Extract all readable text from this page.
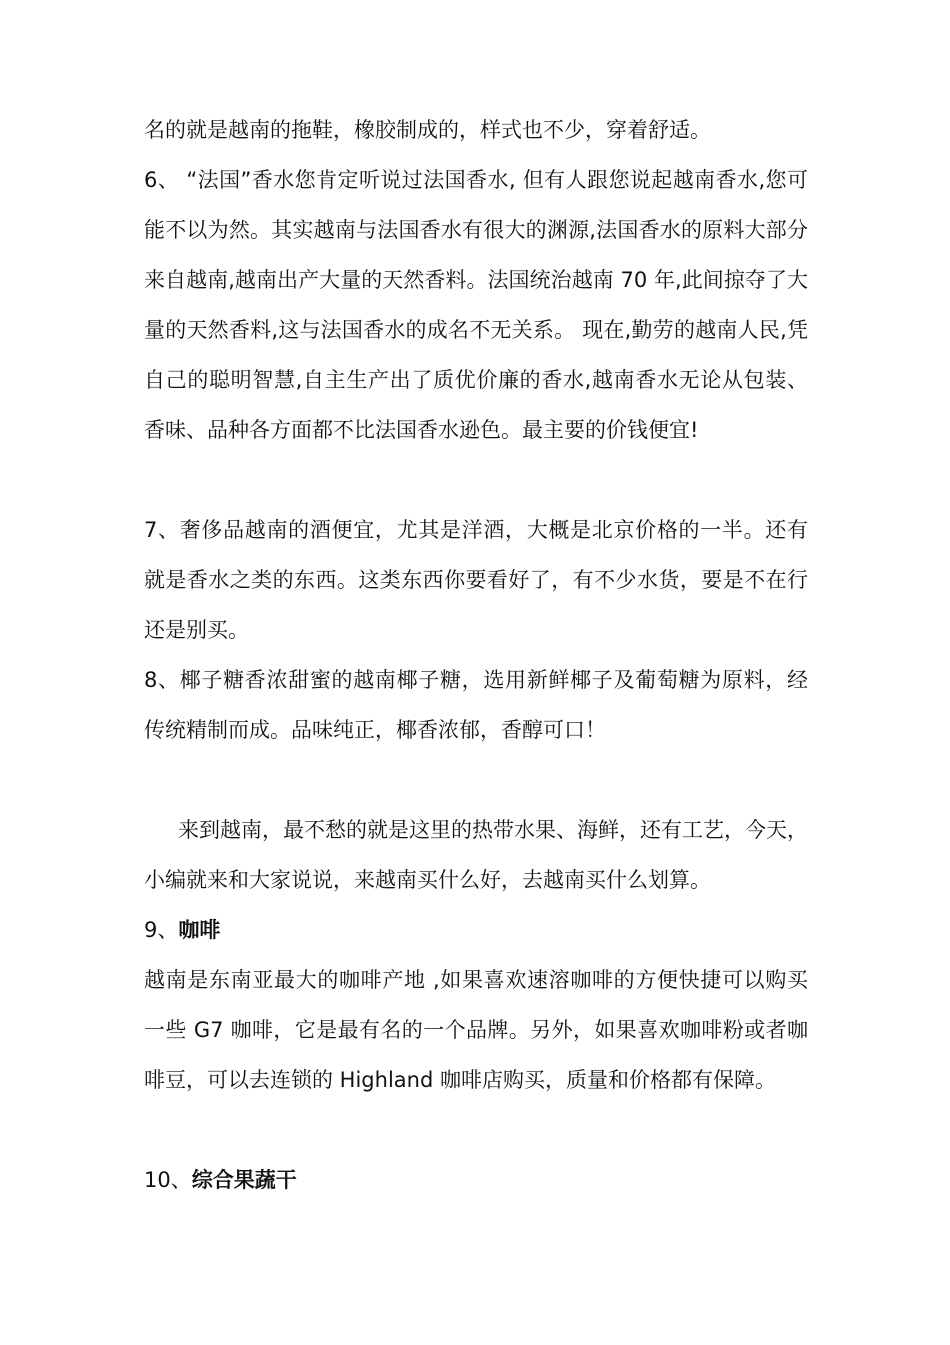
名的就是越南的拖鞋，橡胶制成的，样式也不少，穿着舒适。

6、 “法国”香水您肯定听说过法国香水, 但有人跟您说起越南香水,您可能不以为然。其实越南与法国香水有很大的渊源,法国香水的原料大部分来自越南,越南出产大量的天然香料。法国统治越南 70 年,此间掠夺了大量的天然香料,这与法国香水的成名不无关系。 现在,勤劳的越南人民,凭自己的聪明智慧,自主生产出了质优价廉的香水,越南香水无论从包装、香味、品种各方面都不比法国香水逊色。最主要的价钱便宜!

7、奢侈品越南的酒便宜，尤其是洋酒，大概是北京价格的一半。还有就是香水之类的东西。这类东西你要看好了，有不少水货，要是不在行还是别买。

8、椰子糖香浓甜蜜的越南椰子糖，选用新鲜椰子及葡萄糖为原料，经传统精制而成。品味纯正，椰香浓郁，香醇可口！

来到越南，最不愁的就是这里的热带水果、海鲜，还有工艺，今天，小编就来和大家说说，来越南买什么好，去越南买什么划算。

9、咖啡

越南是东南亚最大的咖啡产地 ,如果喜欢速溶咖啡的方便快捷可以购买一些 G7 咖啡，它是最有名的一个品牌。另外，如果喜欢咖啡粉或者咖啡豆，可以去连锁的 Highland 咖啡店购买，质量和价格都有保障。

10、综合果蔬干
